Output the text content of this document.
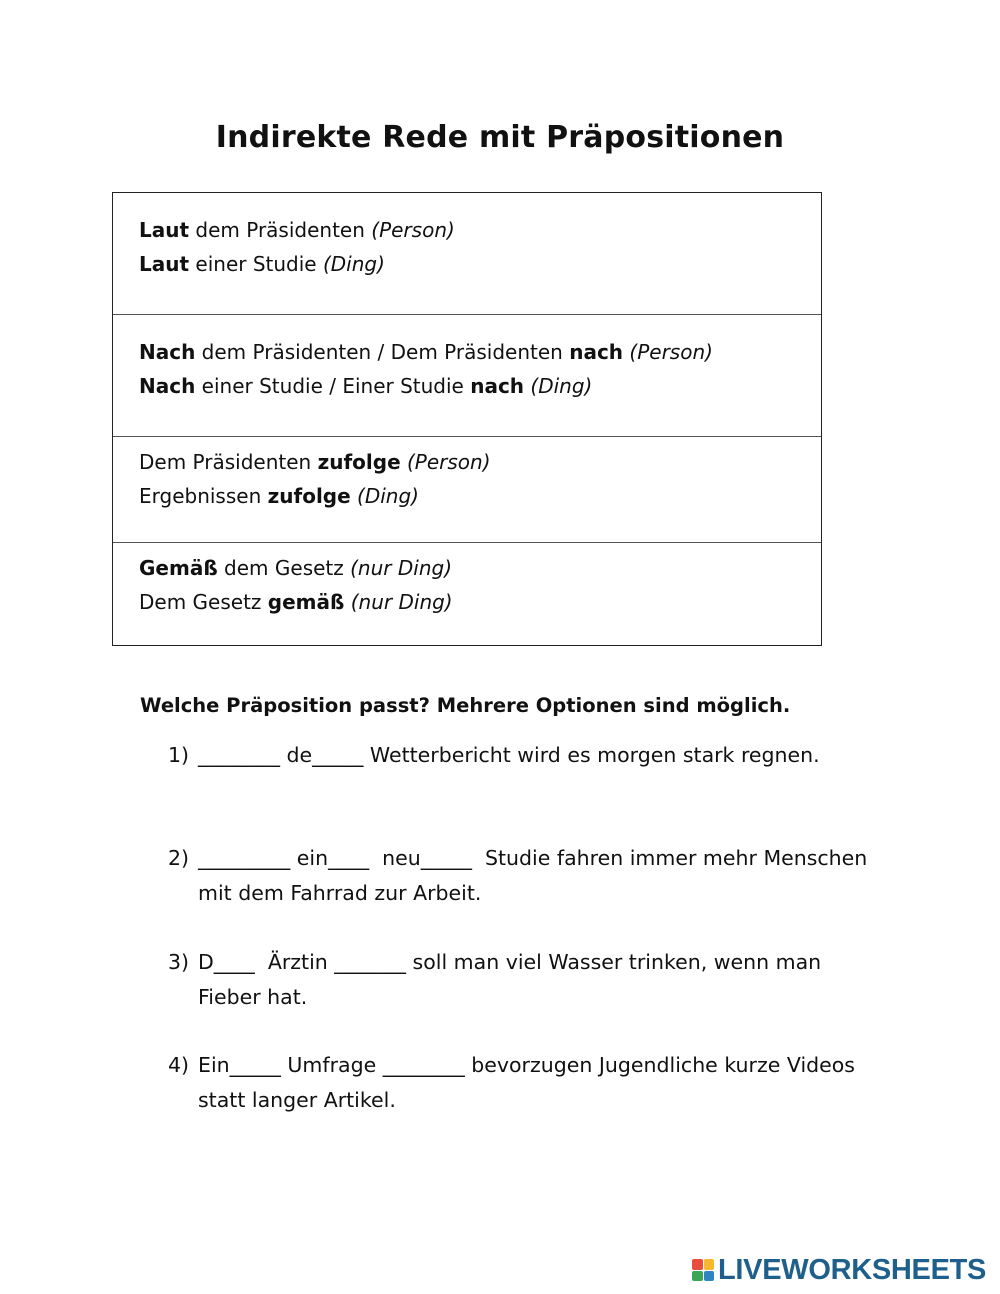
Indirekte Rede mit Präpositionen
Laut dem Präsidenten (Person)
Laut einer Studie (Ding)
Nach dem Präsidenten / Dem Präsidenten nach (Person)
Nach einer Studie / Einer Studie nach (Ding)
Dem Präsidenten zufolge (Person)
Ergebnissen zufolge (Ding)
Gemäß dem Gesetz (nur Ding)
Dem Gesetz gemäß (nur Ding)
Welche Präposition passt? Mehrere Optionen sind möglich.
1) ________ de_____ Wetterbericht wird es morgen stark regnen.
2) _________ ein____  neu_____  Studie fahren immer mehr Menschen mit dem Fahrrad zur Arbeit.
3) D____  Ärztin _______ soll man viel Wasser trinken, wenn man Fieber hat.
4) Ein_____ Umfrage ________ bevorzugen Jugendliche kurze Videos statt langer Artikel.
LIVEWORKSHEETS
